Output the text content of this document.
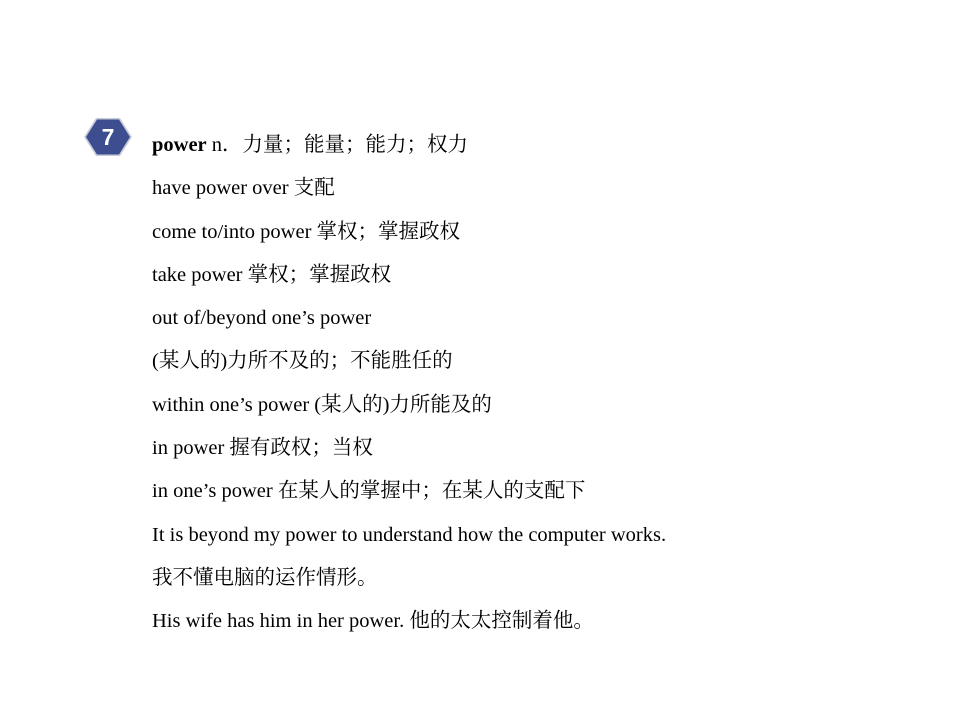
7	power n．力量；能量；能力；权力
have power over 支配
come to/into power 掌权；掌握政权
take power 掌权；掌握政权
out of/beyond one’s power
(某人的)力所不及的；不能胜任的
within one’s power (某人的)力所能及的
in power 握有政权；当权
in one’s power 在某人的掌握中；在某人的支配下
It is beyond my power to understand how the computer works.
我不懂电脑的运作情形。
His wife has him in her power. 他的太太控制着他。
